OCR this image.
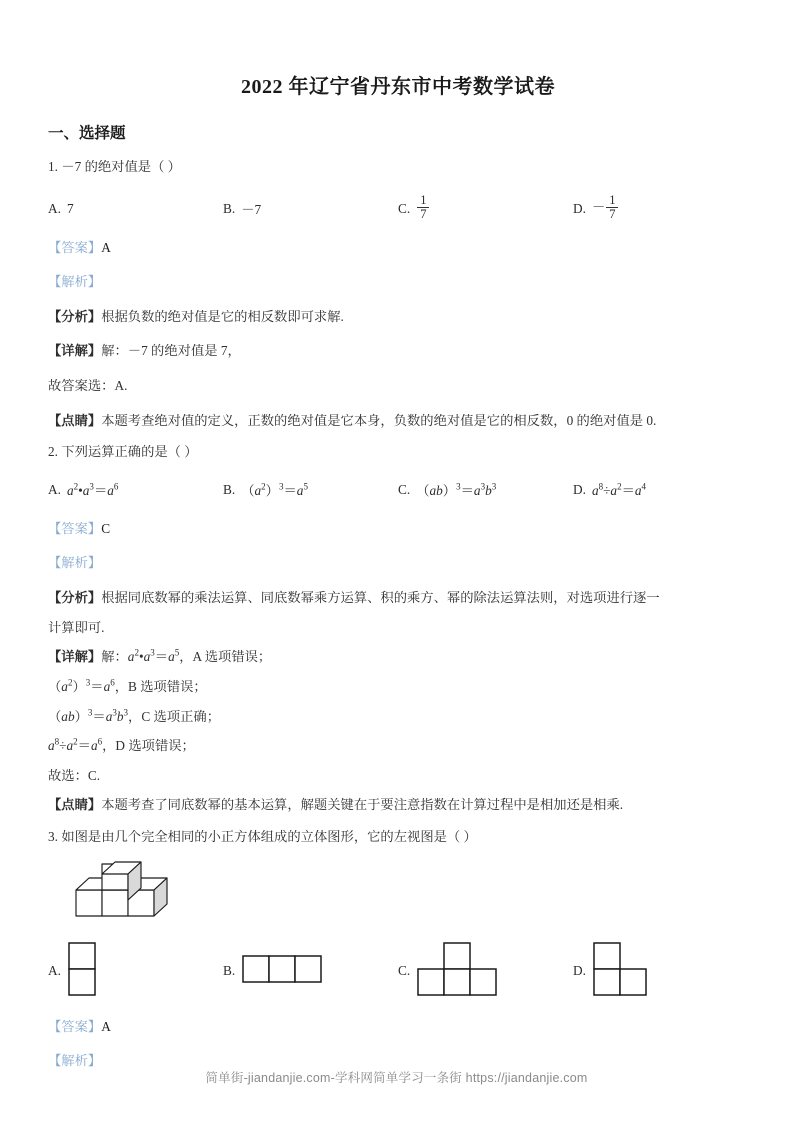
2022 年辽宁省丹东市中考数学试卷
一、选择题
1. －7 的绝对值是（ ）
A. 7	B. －7	C. $\frac{1}{7}$	D. － $\frac{1}{7}$
【答案】A
【解析】
【分析】根据负数的绝对值是它的相反数即可求解.
【详解】解：－7 的绝对值是 7，
故答案选：A.
【点睛】本题考查绝对值的定义，正数的绝对值是它本身，负数的绝对值是它的相反数，0 的绝对值是 0.
2. 下列运算正确的是（ ）
A. $a^2•a^3=a^6$	B. $(a^2)^3=a^5$	C. $(ab)^3=a^3b^3$	D. $a^8\div a^2=a^4$
【答案】C
【解析】
【分析】根据同底数幂的乘法运算、同底数幂乘方运算、积的乘方、幂的除法运算法则，对选项进行逐一
计算即可.
【详解】解：$a^2•a^3=a^5$，A 选项错误；
$(a^2)^3=a^6$，B 选项错误；
$(ab)^3=a^3b^3$，C 选项正确；
$a^8\div a^2=a^6$，D 选项错误；
故选：C.
【点睛】本题考查了同底数幂的基本运算，解题关键在于要注意指数在计算过程中是相加还是相乘.
3. 如图是由几个完全相同的小正方体组成的立体图形，它的左视图是（ ）
A.	B.	C.	D.
【答案】A
【解析】
简单街-jiandanjie.com-学科网简单学习一条街 https://jiandanjie.com
